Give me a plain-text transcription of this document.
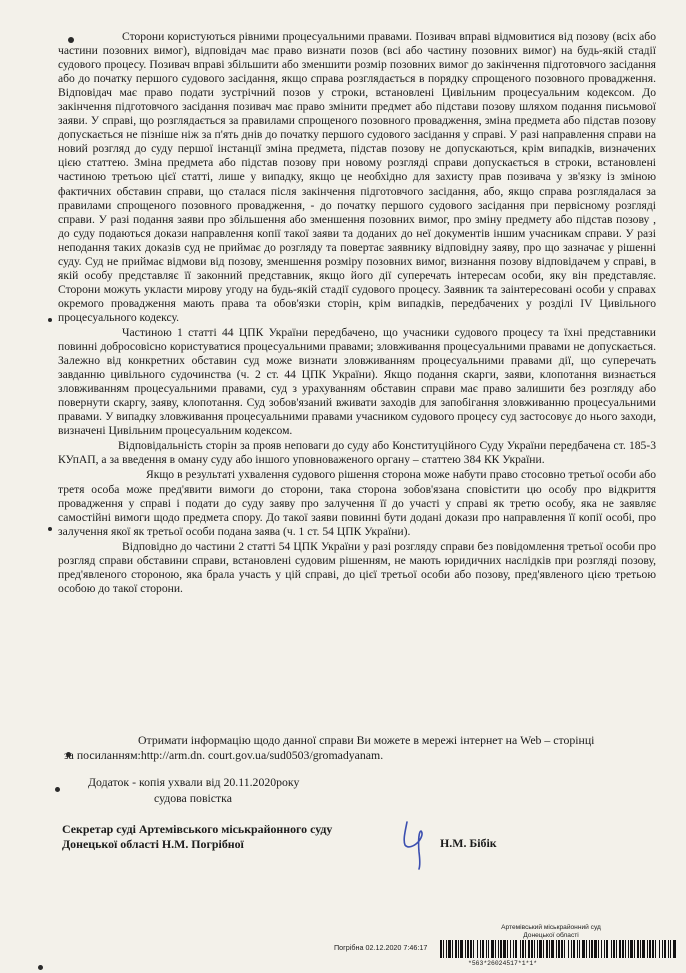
Сторони користуються рівними процесуальними правами. Позивач вправі відмовитися від позову (всіх або частини позовних вимог), відповідач має право визнати позов (всі або частину позовних вимог) на будь-якій стадії судового процесу. Позивач вправі збільшити або зменшити розмір позовних вимог до закінчення підготовчого засідання або до початку першого судового засідання, якщо справа розглядається в порядку спрощеного позовного провадження. Відповідач має право подати зустрічний позов у строки, встановлені Цивільним процесуальним кодексом. До закінчення підготовчого засідання позивач має право змінити предмет або підстави позову шляхом подання письмової заяви. У справі, що розглядається за правилами спрощеного позовного провадження, зміна предмета або підстав позову допускається не пізніше ніж за п'ять днів до початку першого судового засідання у справі. У разі направлення справи на новий розгляд до суду першої інстанції зміна предмета, підстав позову не допускаються, крім випадків, визначених цією статтею. Зміна предмета або підстав позову при новому розгляді справи допускається в строки, встановлені частиною третьою цієї статті, лише у випадку, якщо це необхідно для захисту прав позивача у зв'язку із зміною фактичних обставин справи, що сталася після закінчення підготовчого засідання, або, якщо справа розглядалася за правилами спрощеного позовного провадження, - до початку першого судового засідання при первісному розгляді справи. У разі подання заяви про збільшення або зменшення позовних вимог, про зміну предмету або підстав позову , до суду подаються докази направлення копії такої заяви та доданих до неї документів іншим учасникам справи. У разі неподання таких доказів суд не приймає до розгляду та повертає заявнику відповідну заяву, про що зазначає у рішенні суду. Суд не приймає відмови від позову, зменшення розміру позовних вимог, визнання позову відповідачем у справі, в якій особу представляє її законний представник, якщо його дії суперечать інтересам особи, яку він представляє. Сторони можуть укласти мирову угоду на будь-якій стадії судового процесу. Заявник та заінтересовані особи у справах окремого провадження мають права та обов'язки сторін, крім випадків, передбачених у розділі IV Цивільного процесуального кодексу.

Частиною 1 статті 44 ЦПК України передбачено, що учасники судового процесу та їхні представники повинні добросовісно користуватися процесуальними правами; зловживання процесуальними правами не допускається. Залежно від конкретних обставин суд може визнати зловживанням процесуальними правами дії, що суперечать завданню цивільного судочинства (ч. 2 ст. 44 ЦПК України). Якщо подання скарги, заяви, клопотання визнається зловживанням процесуальними правами, суд з урахуванням обставин справи має право залишити без розгляду або повернути скаргу, заяву, клопотання. Суд зобов'язаний вживати заходів для запобігання зловживанню процесуальними правами. У випадку зловживання процесуальними правами учасником судового процесу суд застосовує до нього заходи, визначені Цивільним процесуальним кодексом.

Відповідальність сторін за прояв неповаги до суду або Конституційного Суду України передбачена ст. 185-3 КУпАП, а за введення в оману суду або іншого уповноваженого органу – статтею 384 КК України.

Якщо в результаті ухвалення судового рішення сторона може набути право стосовно третьої особи або третя особа може пред'явити вимоги до сторони, така сторона зобов'язана сповістити цю особу про відкриття провадження у справі і подати до суду заяву про залучення її до участі у справі як третю особу, яка не заявляє самостійні вимоги щодо предмета спору. До такої заяви повинні бути додані докази про направлення її копії особі, про залучення якої як третьої особи подана заява (ч. 1 ст. 54 ЦПК України).

Відповідно до частини 2 статті 54 ЦПК України у разі розгляду справи без повідомлення третьої особи про розгляд справи обставини справи, встановлені судовим рішенням, не мають юридичних наслідків при розгляді позову, пред'явленого стороною, яка брала участь у цій справі, до цієї третьої особи або позову, пред'явленого цією третьою особою до такої сторони.

Отримати інформацію щодо данної справи Ви можете в мережі інтернет на Web – сторінці
за посиланням:http://arm.dn. court.gov.ua/sud0503/gromadyanam.
Додаток - копія ухвали від 20.11.2020року
судова повістка
Секретар суді Артемівського міськрайонного суду Донецької області Н.М. Погрібної	Н.М. Бібік
Артемівський міськрайонний суд
Донецької області
Погрібна 02.12.2020 7:46:17
*563*26024517*1*1*
